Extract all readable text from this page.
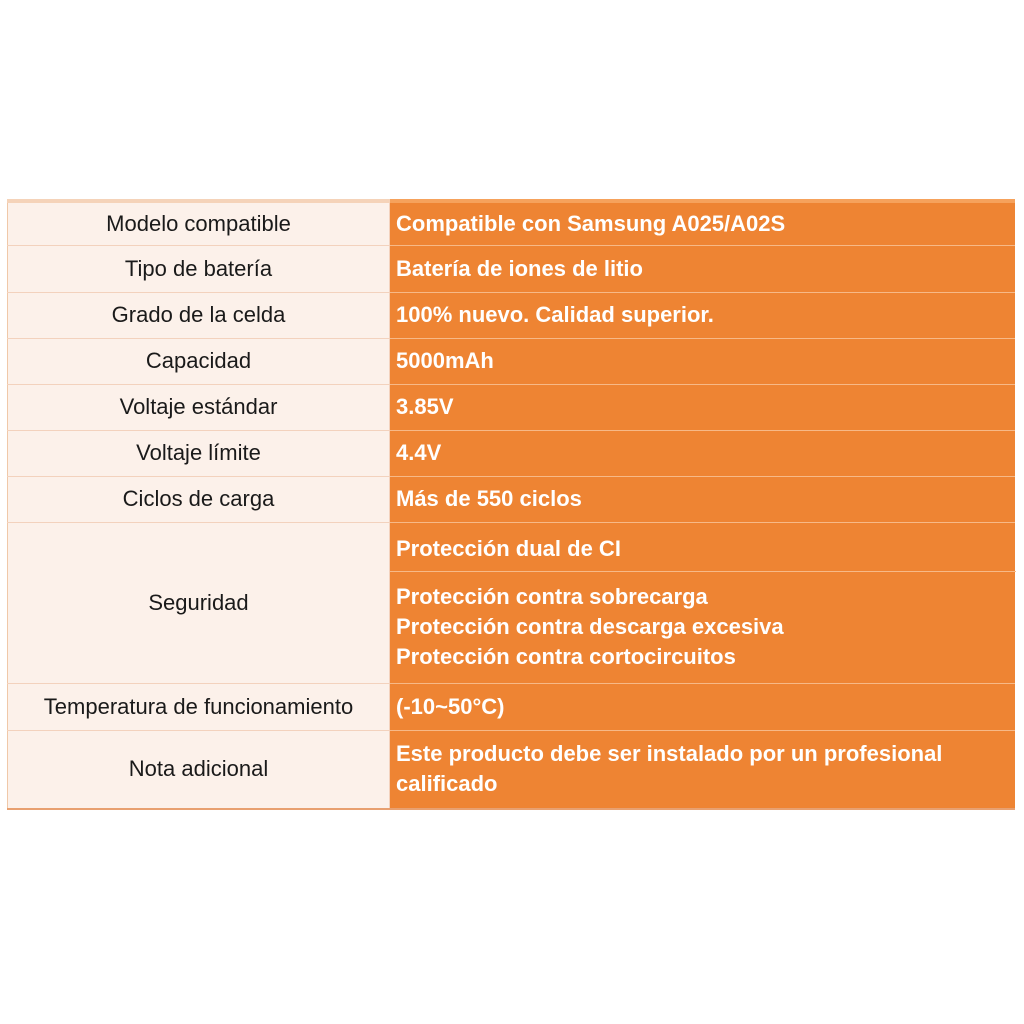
Modelo compatible	Compatible con Samsung A025/A02S
Tipo de batería	Batería de iones de litio
Grado de la celda	100% nuevo. Calidad superior.
Capacidad	5000mAh
Voltaje estándar	3.85V
Voltaje límite	4.4V
Ciclos de carga	Más de 550 ciclos
Seguridad	Protección dual de CI
Protección contra sobrecarga
Protección contra descarga excesiva
Protección contra cortocircuitos

Temperatura de funcionamiento	(-10~50°C)
Nota adicional	Este producto debe ser instalado por un profesional
calificado
